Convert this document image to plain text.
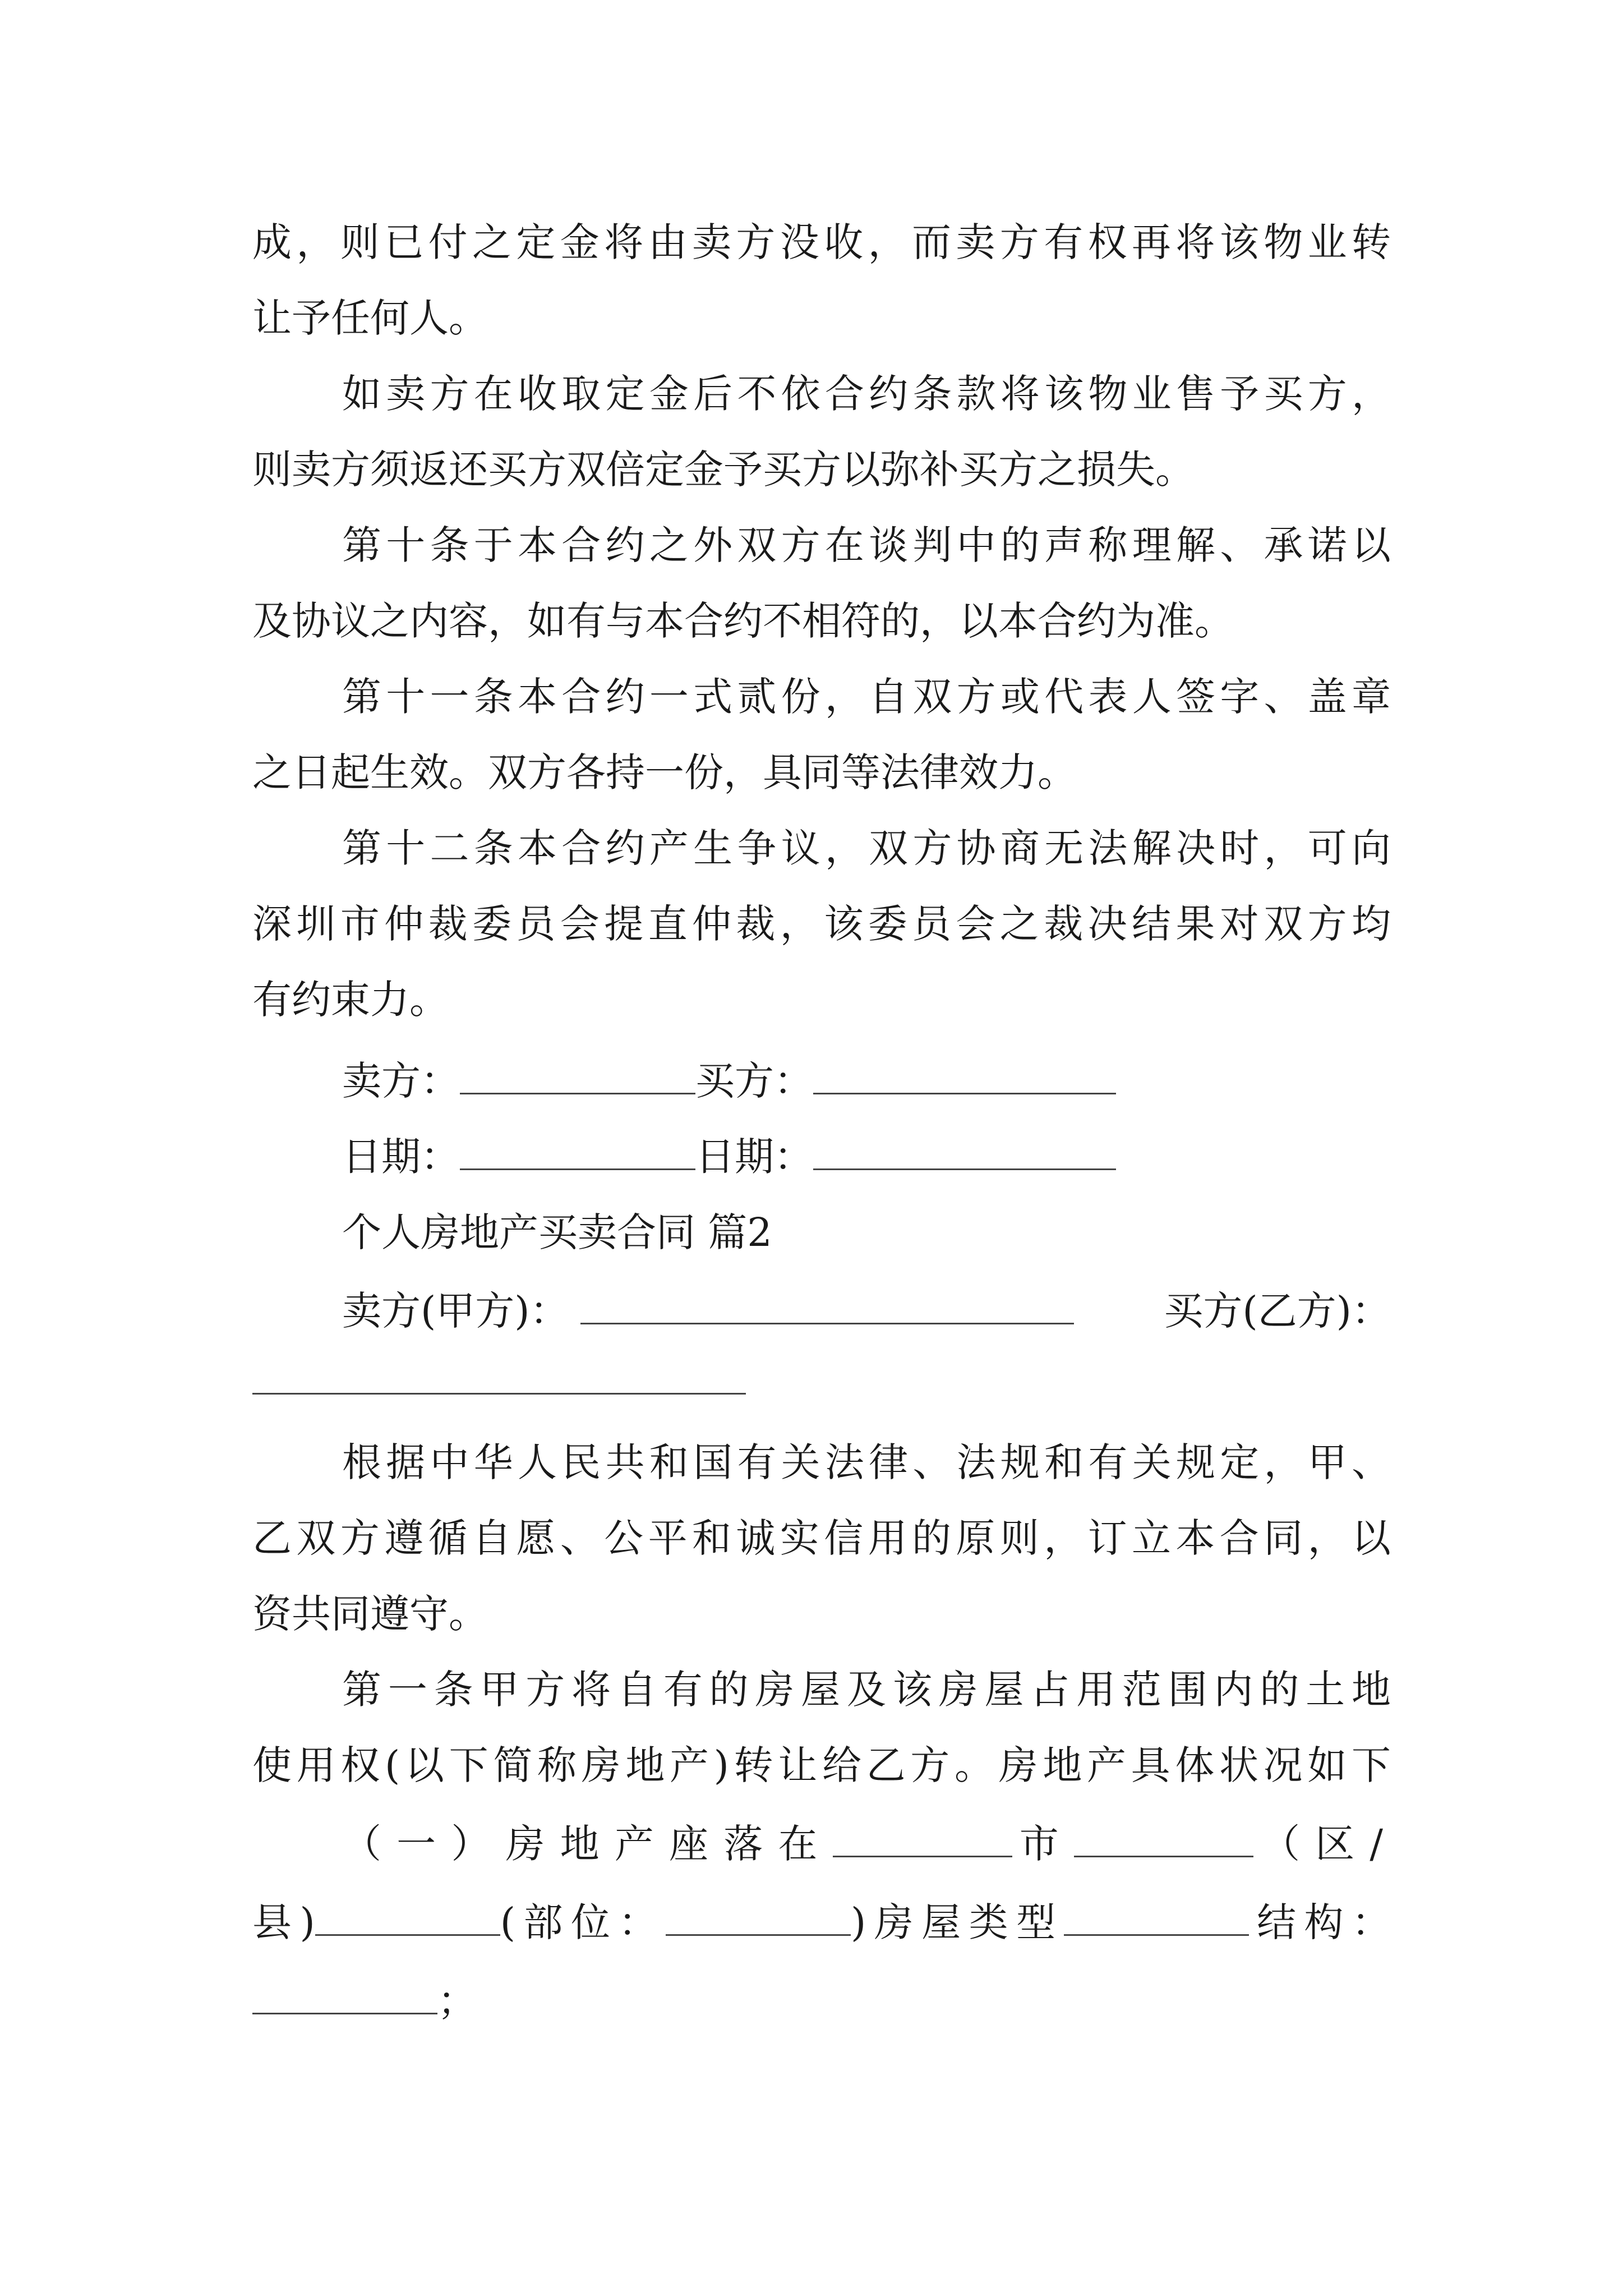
成，则已付之定金将由卖方没收，而卖方有权再将该物业转
让予任何人。
如卖方在收取定金后不依合约条款将该物业售予买方，
则卖方须返还买方双倍定金予买方以弥补买方之损失。
第十条于本合约之外双方在谈判中的声称理解、承诺以
及协议之内容，如有与本合约不相符的，以本合约为准。
第十一条本合约一式贰份，自双方或代表人签字、盖章
之日起生效。双方各持一份，具同等法律效力。
第十二条本合约产生争议，双方协商无法解决时，可向
深圳市仲裁委员会提直仲裁，该委员会之裁决结果对双方均
有约束力。
卖方：	买方：
日期：	日期：
个人房地产买卖合同 篇2
卖方(甲方)：	买方(乙方)：
根据中华人民共和国有关法律、法规和有关规定，甲、
乙双方遵循自愿、公平和诚实信用的原则，订立本合同，以
资共同遵守。
第一条甲方将自有的房屋及该房屋占用范围内的土地
使用权(以下简称房地产)转让给乙方。房地产具体状况如下
（一）房地产座落在	市	（区/
县)	(部位：	)房屋类型	结构：
；
